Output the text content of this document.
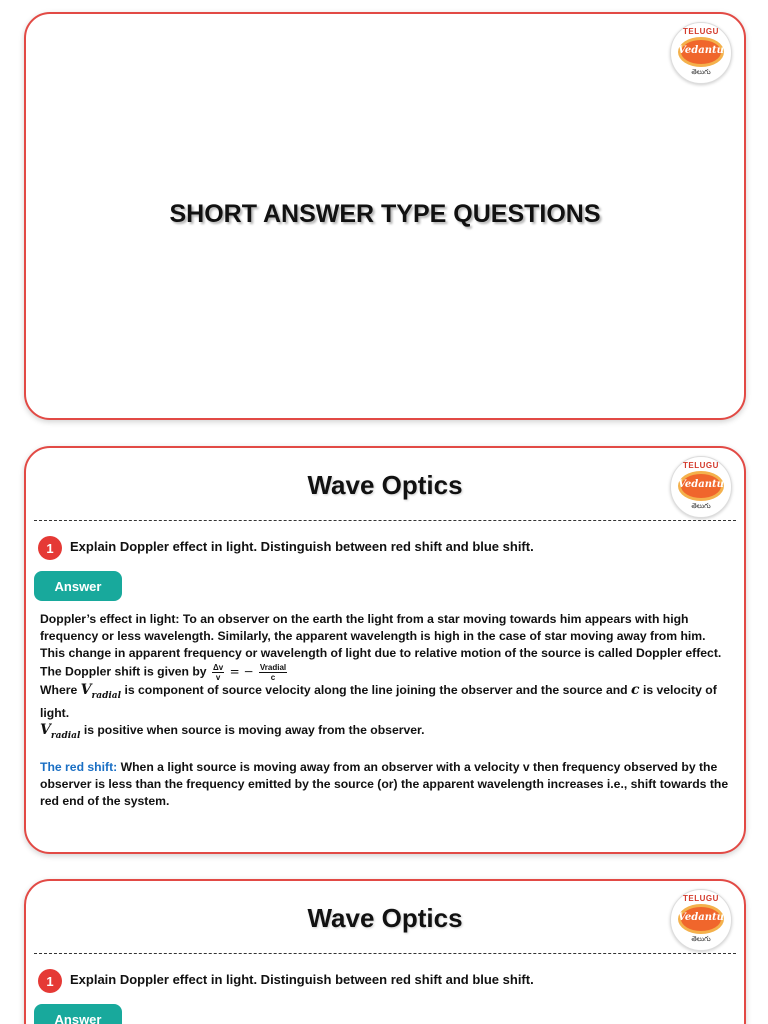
TELUGU
Vedantu
తెలుగు
SHORT ANSWER TYPE QUESTIONS
TELUGU
Vedantu
తెలుగు
Wave Optics
1	Explain Doppler effect in light. Distinguish between red shift and blue shift.
Answer

Doppler’s effect in light: To an observer on the earth the light from a star moving towards him appears with high frequency or less wavelength. Similarly, the apparent wavelength is high in the case of star moving away from him. This change in apparent frequency or wavelength of light due to relative motion of the source is called Doppler effect.

The Doppler shift is given by $\frac{\Delta v}{v}$ = − $\frac{\text{Vradial}}{c}$

Where $V_{radial}$ is component of source velocity along the line joining the observer and the source and c is velocity of light.

$V_{radial}$ is positive when source is moving away from the observer.

The red shift: When a light source is moving away from an observer with a velocity v then frequency observed by the observer is less than the frequency emitted by the source (or) the apparent wavelength increases i.e., shift towards the red end of the system.

TELUGU
Vedantu
తెలుగు
Wave Optics
1	Explain Doppler effect in light. Distinguish between red shift and blue shift.
Answer
